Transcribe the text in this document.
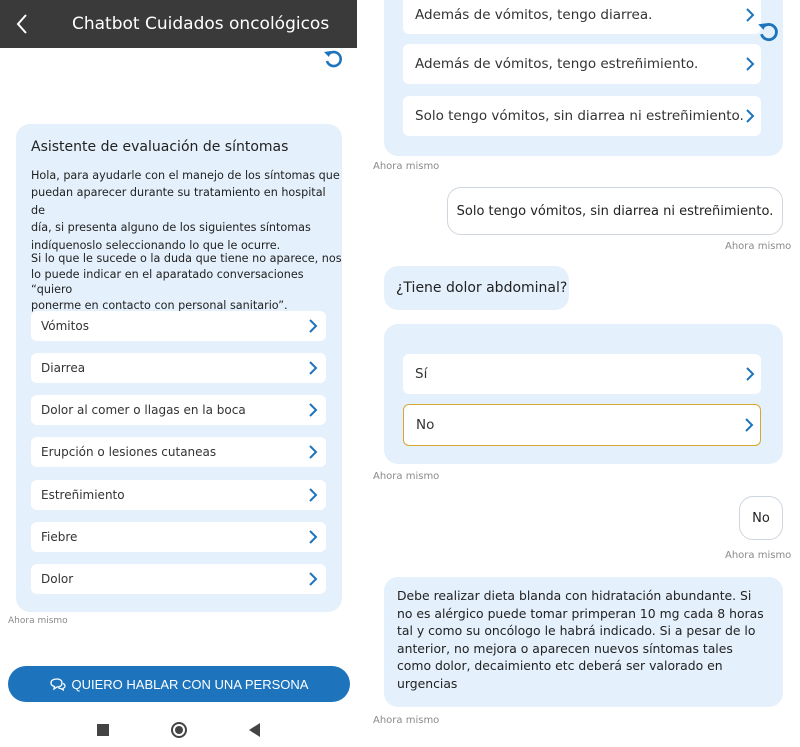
Chatbot Cuidados oncológicos
Asistente de evaluación de síntomas
Hola, para ayudarle con el manejo de los síntomas que
puedan aparecer durante su tratamiento en hospital de
día, si presenta alguno de los siguientes síntomas
indíquenoslo seleccionando lo que le ocurre.
Si lo que le sucede o la duda que tiene no aparece, nos
lo puede indicar en el aparatado conversaciones “quiero
ponerme en contacto con personal sanitario”.
Vómitos
Diarrea
Dolor al comer o llagas en la boca
Erupción o lesiones cutaneas
Estreñimiento
Fiebre
Dolor
Ahora mismo
QUIERO HABLAR CON UNA PERSONA
Además de vómitos, tengo diarrea.
Además de vómitos, tengo estreñimiento.
Solo tengo vómitos, sin diarrea ni estreñimiento.
Ahora mismo
Solo tengo vómitos, sin diarrea ni estreñimiento.
Ahora mismo
¿Tiene dolor abdominal?
Sí
No
Ahora mismo
No
Ahora mismo
Debe realizar dieta blanda con hidratación abundante. Si
no es alérgico puede tomar primperan 10 mg cada 8 horas
tal y como su oncólogo le habrá indicado. Si a pesar de lo
anterior, no mejora o aparecen nuevos síntomas tales
como dolor, decaimiento etc deberá ser valorado en
urgencias
Ahora mismo
